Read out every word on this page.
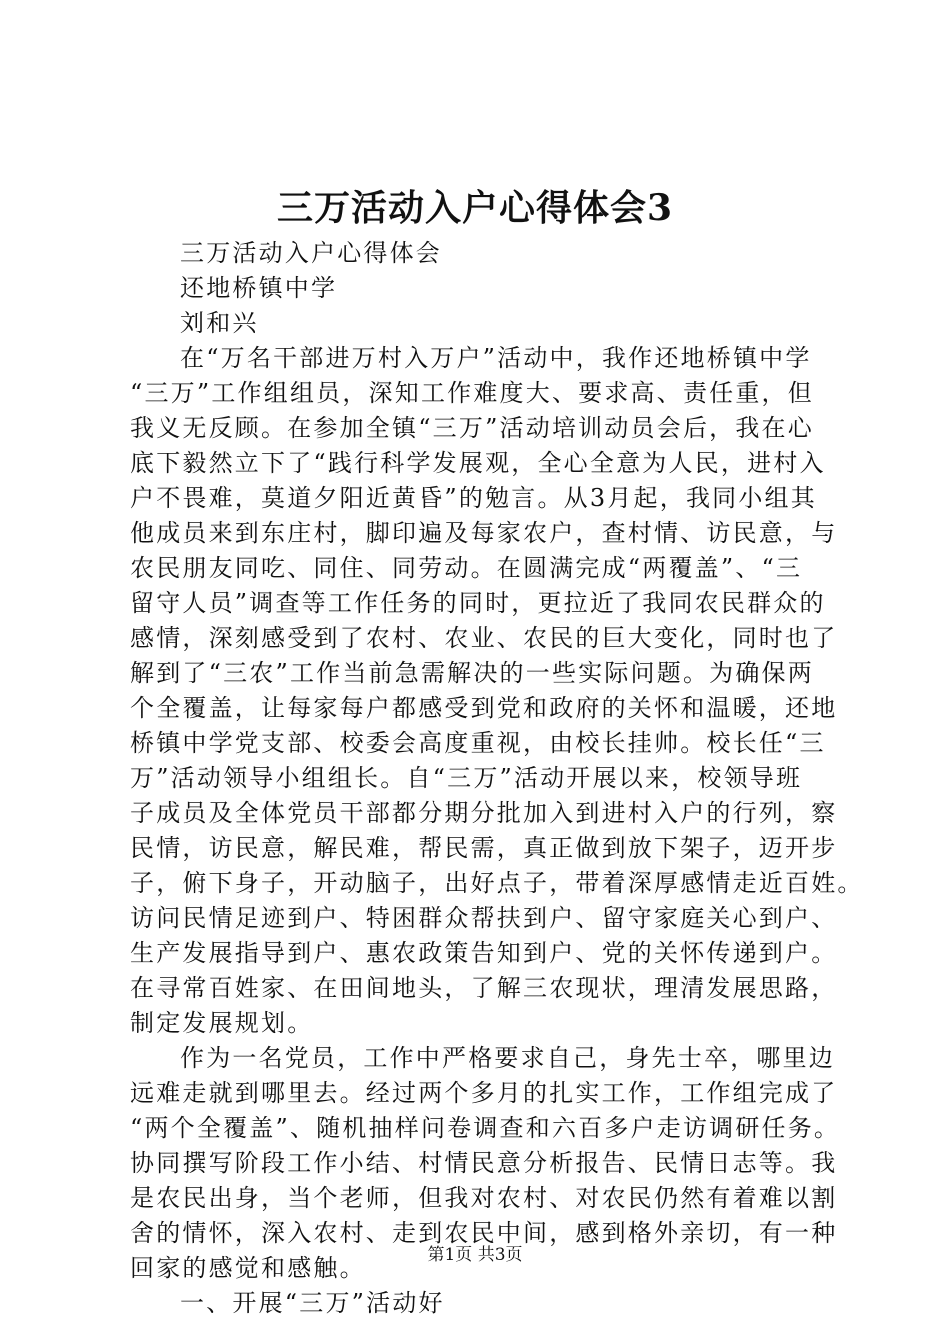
三万活动入户心得体会3

三万活动入户心得体会

还地桥镇中学

刘和兴

在“万名干部进万村入万户”活动中，我作还地桥镇中学

“三万”工作组组员，深知工作难度大、要求高、责任重，但

我义无反顾。在参加全镇“三万”活动培训动员会后，我在心

底下毅然立下了“践行科学发展观，全心全意为人民，进村入

户不畏难，莫道夕阳近黄昏”的勉言。从3月起，我同小组其

他成员来到东庄村，脚印遍及每家农户，查村情、访民意，与

农民朋友同吃、同住、同劳动。在圆满完成“两覆盖”、“三

留守人员”调查等工作任务的同时，更拉近了我同农民群众的

感情，深刻感受到了农村、农业、农民的巨大变化，同时也了

解到了“三农”工作当前急需解决的一些实际问题。为确保两

个全覆盖，让每家每户都感受到党和政府的关怀和温暖，还地

桥镇中学党支部、校委会高度重视，由校长挂帅。校长任“三

万”活动领导小组组长。自“三万”活动开展以来，校领导班

子成员及全体党员干部都分期分批加入到进村入户的行列，察

民情，访民意，解民难，帮民需，真正做到放下架子，迈开步

子，俯下身子，开动脑子，出好点子，带着深厚感情走近百姓。

访问民情足迹到户、特困群众帮扶到户、留守家庭关心到户、

生产发展指导到户、惠农政策告知到户、党的关怀传递到户。

在寻常百姓家、在田间地头，了解三农现状，理清发展思路，

制定发展规划。

作为一名党员，工作中严格要求自己，身先士卒，哪里边

远难走就到哪里去。经过两个多月的扎实工作，工作组完成了

“两个全覆盖”、随机抽样问卷调查和六百多户走访调研任务。

协同撰写阶段工作小结、村情民意分析报告、民情日志等。我

是农民出身，当个老师，但我对农村、对农民仍然有着难以割

舍的情怀，深入农村、走到农民中间，感到格外亲切，有一种

回家的感觉和感触。

一、开展“三万”活动好

第1页 共3页
